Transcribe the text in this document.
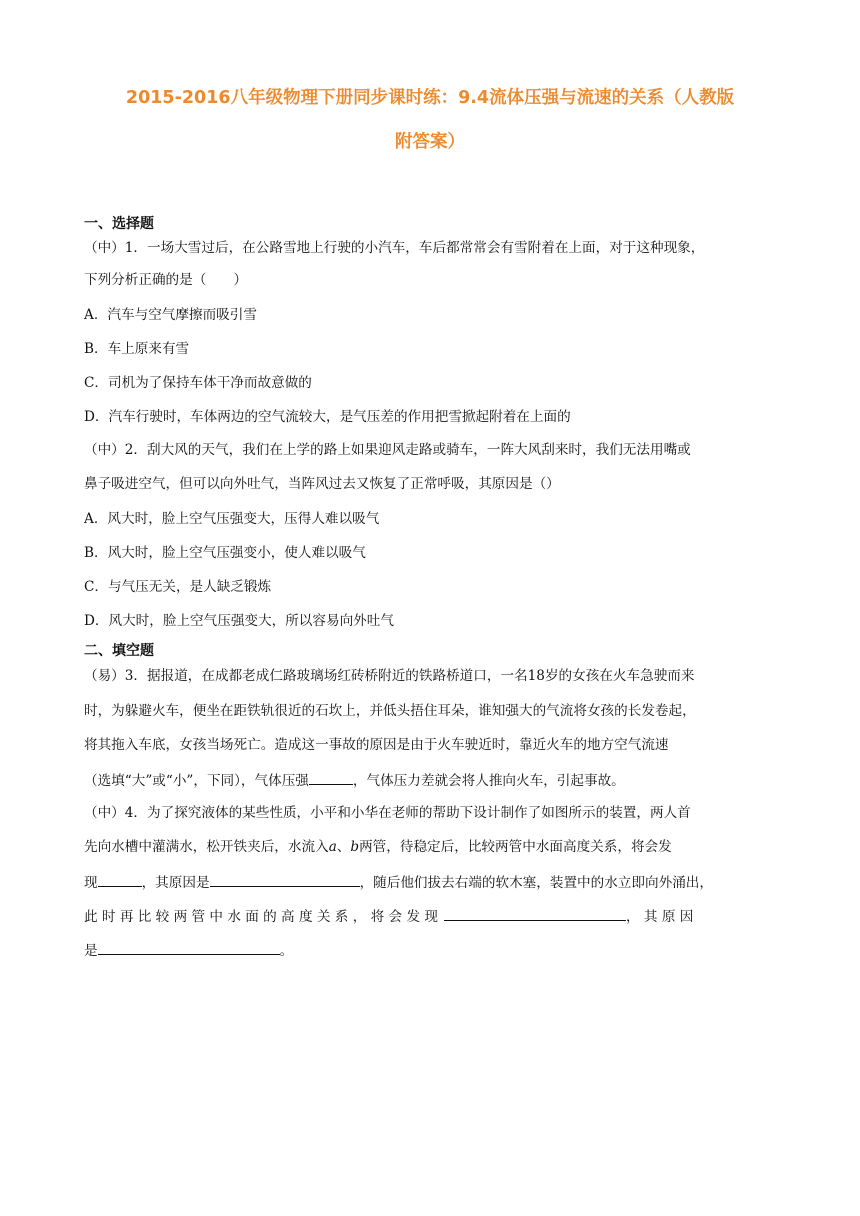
2015-2016八年级物理下册同步课时练：9.4流体压强与流速的关系（人教版
附答案）
一、选择题
（中）1．一场大雪过后，在公路雪地上行驶的小汽车，车后都常常会有雪附着在上面，对于这种现象，
下列分析正确的是（　　）
A．汽车与空气摩擦而吸引雪
B．车上原来有雪
C．司机为了保持车体干净而故意做的
D．汽车行驶时，车体两边的空气流较大，是气压差的作用把雪掀起附着在上面的
（中）2．刮大风的天气，我们在上学的路上如果迎风走路或骑车，一阵大风刮来时，我们无法用嘴或
鼻子吸进空气，但可以向外吐气，当阵风过去又恢复了正常呼吸，其原因是（）
A．风大时，脸上空气压强变大，压得人难以吸气
B．风大时，脸上空气压强变小，使人难以吸气
C．与气压无关，是人缺乏锻炼
D．风大时，脸上空气压强变大，所以容易向外吐气
二、填空题
（易）3．据报道，在成都老成仁路玻璃场红砖桥附近的铁路桥道口，一名18岁的女孩在火车急驶而来
时，为躲避火车，便坐在距铁轨很近的石坎上，并低头捂住耳朵，谁知强大的气流将女孩的长发卷起，
将其拖入车底，女孩当场死亡。造成这一事故的原因是由于火车驶近时，靠近火车的地方空气流速
（选填“大”或“小”，下同），气体压强	，气体压力差就会将人推向火车，引起事故。
（中）4．为了探究液体的某些性质，小平和小华在老师的帮助下设计制作了如图所示的装置，两人首
先向水槽中灌满水，松开铁夹后，水流入a、b两管，待稳定后，比较两管中水面高度关系，将会发
现	，其原因是	，随后他们拔去右端的软木塞，装置中的水立即向外涌出，
此 时 再 比 较 两 管 中 水 面 的 高 度 关 系 ， 将 会 发 现	， 其 原 因
是	。
